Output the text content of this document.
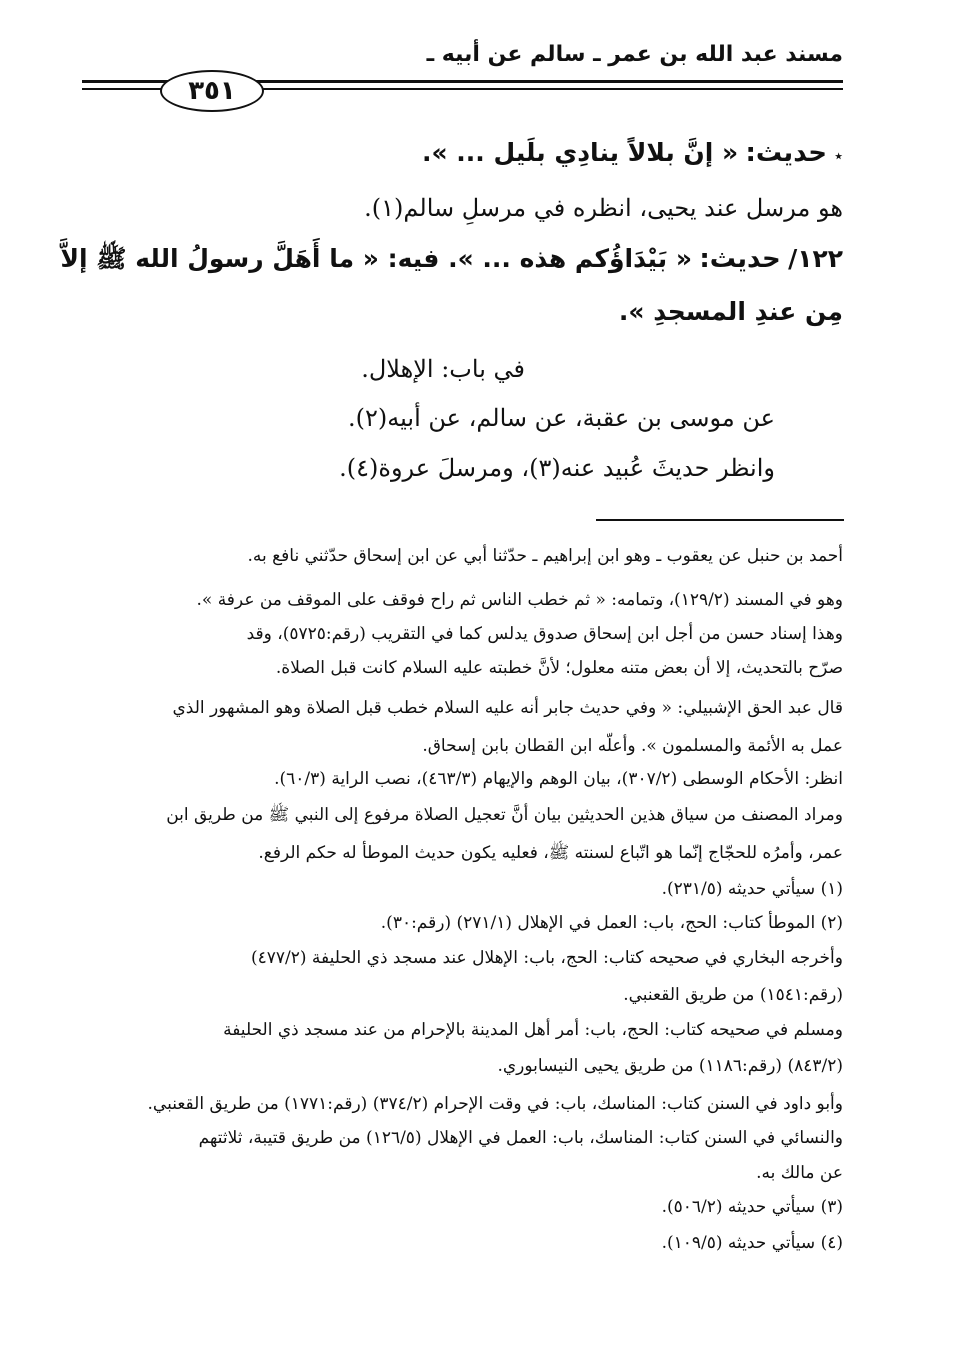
مسند عبد الله بن عمر ـ سالم عن أبيه ـ
٣٥١
٭ حديث: « إنَّ بلالاً ينادِي بلَيل ... ».
هو مرسل عند يحيى، انظره في مرسلِ سالم(١).
١٢٢/ حديث: « بَيْدَاؤُكم هذه ... ». فيه: « ما أَهَلَّ رسولُ الله ﷺ إلاَّ
مِن عندِ المسجدِ ».
في باب: الإهلال.
عن موسى بن عقبة، عن سالم، عن أبيه(٢).
وانظر حديثَ عُبيد عنه(٣)، ومرسلَ عروة(٤).
أحمد بن حنبل عن يعقوب ـ وهو ابن إبراهيم ـ حدّثنا أبي عن ابن إسحاق حدّثني نافع به.
وهو في المسند (١٢٩/٢)، وتمامه: « ثم خطب الناس ثم راح فوقف على الموقف من عرفة ».
وهذا إسناد حسن من أجل ابن إسحاق صدوق يدلس كما في التقريب (رقم:٥٧٢٥)، وقد
صرّح بالتحديث، إلا أن بعض متنه معلول؛ لأنَّ خطبته عليه السلام كانت قبل الصلاة.
قال عبد الحق الإشبيلي: « وفي حديث جابر أنه عليه السلام خطب قبل الصلاة وهو المشهور الذي
عمل به الأئمة والمسلمون ». وأعلّه ابن القطان بابن إسحاق.
انظر: الأحكام الوسطى (٣٠٧/٢)، بيان الوهم والإيهام (٤٦٣/٣)، نصب الراية (٦٠/٣).
ومراد المصنف من سياق هذين الحديثين بيان أنَّ تعجيل الصلاة مرفوع إلى النبي ﷺ من طريق ابن
عمر، وأمرُه للحجّاج إنّما هو اتّباع لسنته ﷺ، فعليه يكون حديث الموطأ له حكم الرفع.
(١) سيأتي حديثه (٢٣١/٥).
(٢) الموطأ كتاب: الحج، باب: العمل في الإهلال (٢٧١/١) (رقم:٣٠).
وأخرجه البخاري في صحيحه كتاب: الحج، باب: الإهلال عند مسجد ذي الحليفة (٤٧٧/٢)
(رقم:١٥٤١) من طريق القعنبي.
ومسلم في صحيحه كتاب: الحج، باب: أمر أهل المدينة بالإحرام من عند مسجد ذي الحليفة
(٨٤٣/٢) (رقم:١١٨٦) من طريق يحيى النيسابوري.
وأبو داود في السنن كتاب: المناسك، باب: في وقت الإحرام (٣٧٤/٢) (رقم:١٧٧١) من طريق القعنبي.
والنسائي في السنن كتاب: المناسك، باب: العمل في الإهلال (١٢٦/٥) من طريق قتيبة، ثلاثتهم
عن مالك به.
(٣) سيأتي حديثه (٥٠٦/٢).
(٤) سيأتي حديثه (١٠٩/٥).
